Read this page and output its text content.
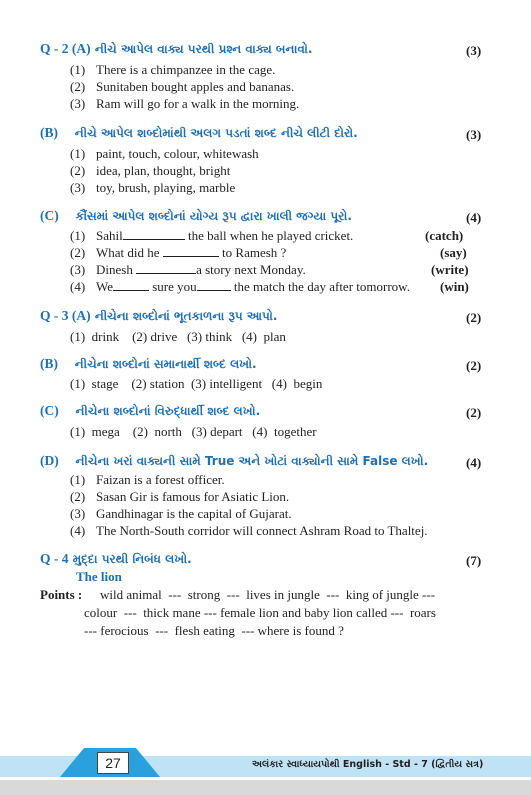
Q - 2 (A) નીચે આપેલ વાક્ય પરથી પ્રશ્ન વાક્ય બનાવો.	(3)
(1) There is a chimpanzee in the cage.
(2) Sunitaben bought apples and bananas.
(3) Ram will go for a walk in the morning.
(B) નીચે આપેલ શબ્દોમાંથી અલગ પડતાં શબ્દ નીચે લીટી દોરો.	(3)
(1) paint, touch, colour, whitewash
(2) idea, plan, thought, bright
(3) toy, brush, playing, marble
(C) કૌંસમાં આપેલ શબ્દોનાં યોગ્ય રૂપ દ્વારા ખાલી જગ્યા પૂરો.	(4)
(1) Sahil	the ball when he played cricket.	(catch)
(2) What did he	to Ramesh ?	(say)
(3) Dinesh	a story next Monday.	(write)
(4) We	sure you	the match the day after tomorrow. (win)
Q - 3 (A) નીચેના શબ્દોનાં ભૂતકાળના રૂપ આપો.	(2)
(1)  drink    (2) drive   (3) think   (4)  plan
(B) નીચેના શબ્દોનાં સમાનાર્થી શબ્દ લખો.	(2)
(1)  stage    (2) station  (3) intelligent   (4)  begin
(C) નીચેના શબ્દોનાં વિરુદ્ધાર્થી શબ્દ લખો.	(2)
(1)  mega    (2)  north   (3) depart   (4)  together
(D) નીચેના ખરાં વાક્યની સામે True અને ખોટાં વાક્યોની સામે False લખો.	(4)
(1) Faizan is a forest officer.
(2) Sasan Gir is famous for Asiatic Lion.
(3) Gandhinagar is the capital of Gujarat.
(4) The North-South corridor will connect Ashram Road to Thaltej.
Q - 4 મુદ્દા પરથી નિબંધ લખો.	(7)
The lion
Points : wild animal  ---  strong  ---  lives in jungle  ---  king of jungle ---
colour  ---  thick mane --- female lion and baby lion called ---  roars
--- ferocious  ---  flesh eating  --- where is found ?
27	અલંકાર સ્વાધ્યાયપોથી English - Std - 7 (દ્વિતીય સત્ર)
